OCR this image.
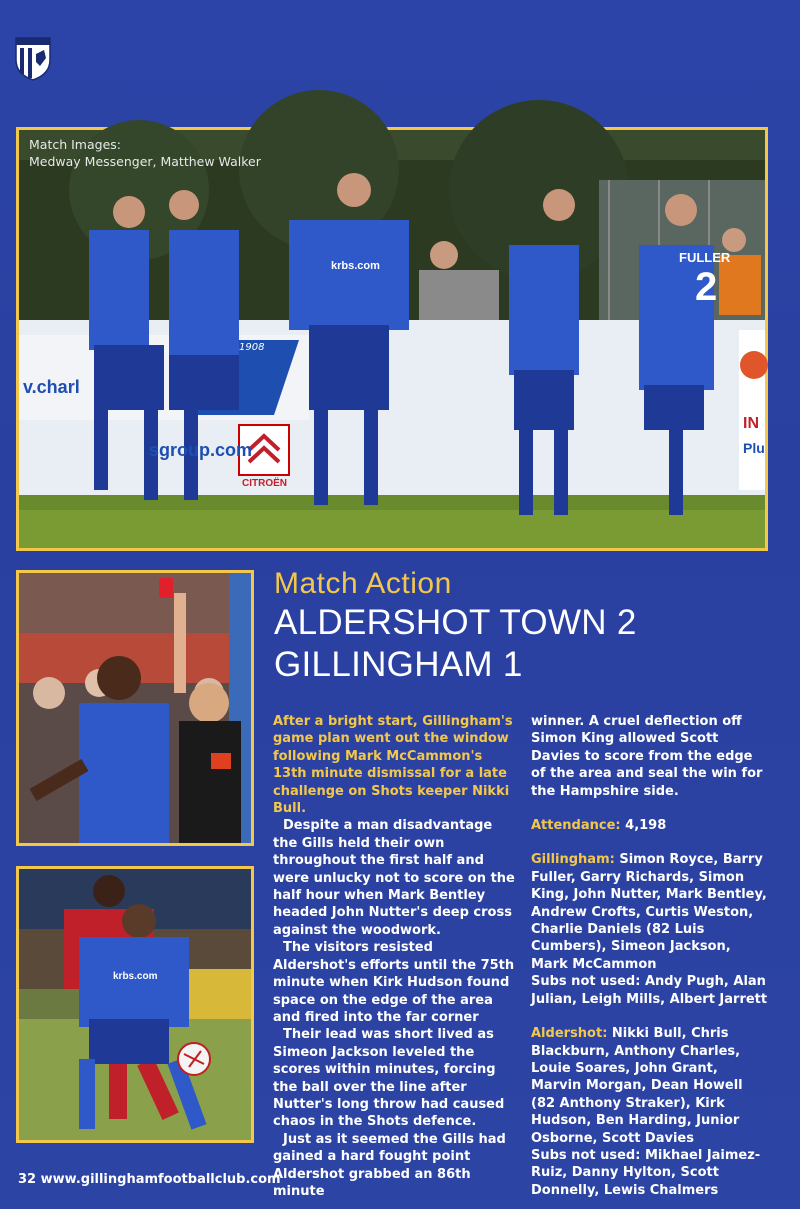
Match Images:
Medway Messenger, Matthew Walker
v.charl
sgroup.com
1908
CITROËN
krbs.com
FULLER
2
rb
IN
Plu
krbs.com
Match Action
ALDERSHOT TOWN 2
GILLINGHAM 1

After a bright start, Gillingham's game plan went out the window following Mark McCammon's 13th minute dismissal for a late challenge on Shots keeper Nikki Bull.

Despite a man disadvantage the Gills held their own throughout the first half and were unlucky not to score on the half hour when Mark Bentley headed John Nutter's deep cross against the woodwork.

The visitors resisted Aldershot's efforts until the 75th minute when Kirk Hudson found space on the edge of the area and fired into the far corner

Their lead was short lived as Simeon Jackson leveled the scores within minutes, forcing the ball over the line after Nutter's long throw had caused chaos in the Shots defence.

Just as it seemed the Gills had gained a hard fought point Aldershot grabbed an 86th minute

winner. A cruel deflection off Simon King allowed Scott Davies to score from the edge of the area and seal the win for the Hampshire side.

Attendance: 4,198

Gillingham: Simon Royce, Barry Fuller, Garry Richards, Simon King, John Nutter, Mark Bentley, Andrew Crofts, Curtis Weston, Charlie Daniels (82 Luis Cumbers), Simeon Jackson, Mark McCammon

Subs not used: Andy Pugh, Alan Julian, Leigh Mills, Albert Jarrett

Aldershot: Nikki Bull, Chris Blackburn, Anthony Charles, Louie Soares, John Grant, Marvin Morgan, Dean Howell (82 Anthony Straker), Kirk Hudson, Ben Harding, Junior Osborne, Scott Davies

Subs not used: Mikhael Jaimez-Ruiz, Danny Hylton, Scott Donnelly, Lewis Chalmers

32 www.gillinghamfootballclub.com
